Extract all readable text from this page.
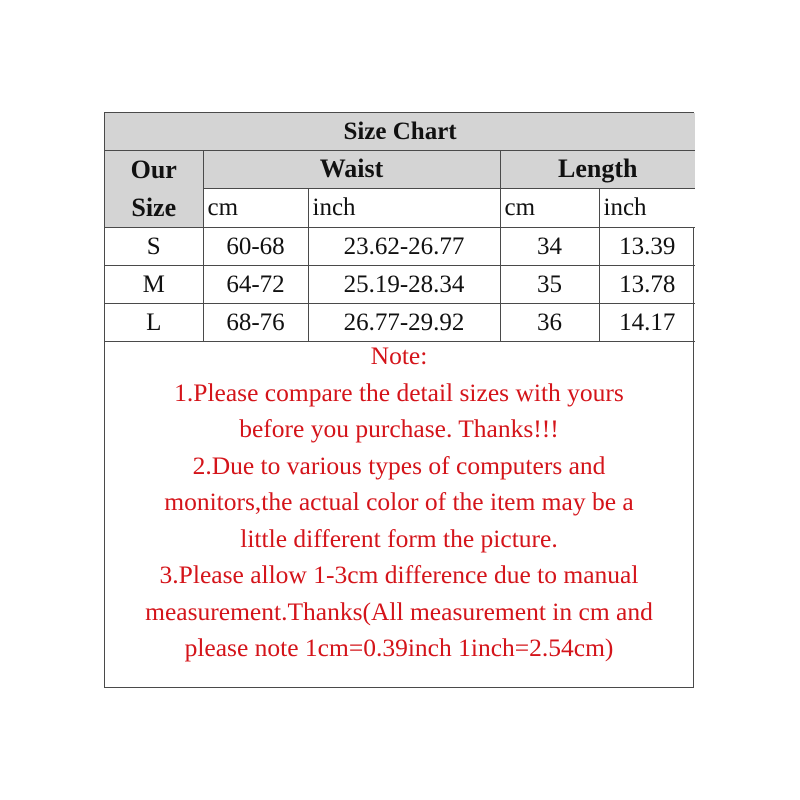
Size Chart				
Our
Size	Waist		Length	
	cm	inch	cm	inch
S	60-68	23.62-26.77	34	13.39
M	64-72	25.19-28.34	35	13.78
L	68-76	26.77-29.92	36	14.17
Note:
1.Please compare the detail sizes with yours
before you purchase. Thanks!!!
2.Due to various types of computers and
monitors,the actual color of the item may be a
little different form the picture.
3.Please allow 1-3cm difference due to manual
measurement.Thanks(All measurement in cm and
please note 1cm=0.39inch 1inch=2.54cm)
